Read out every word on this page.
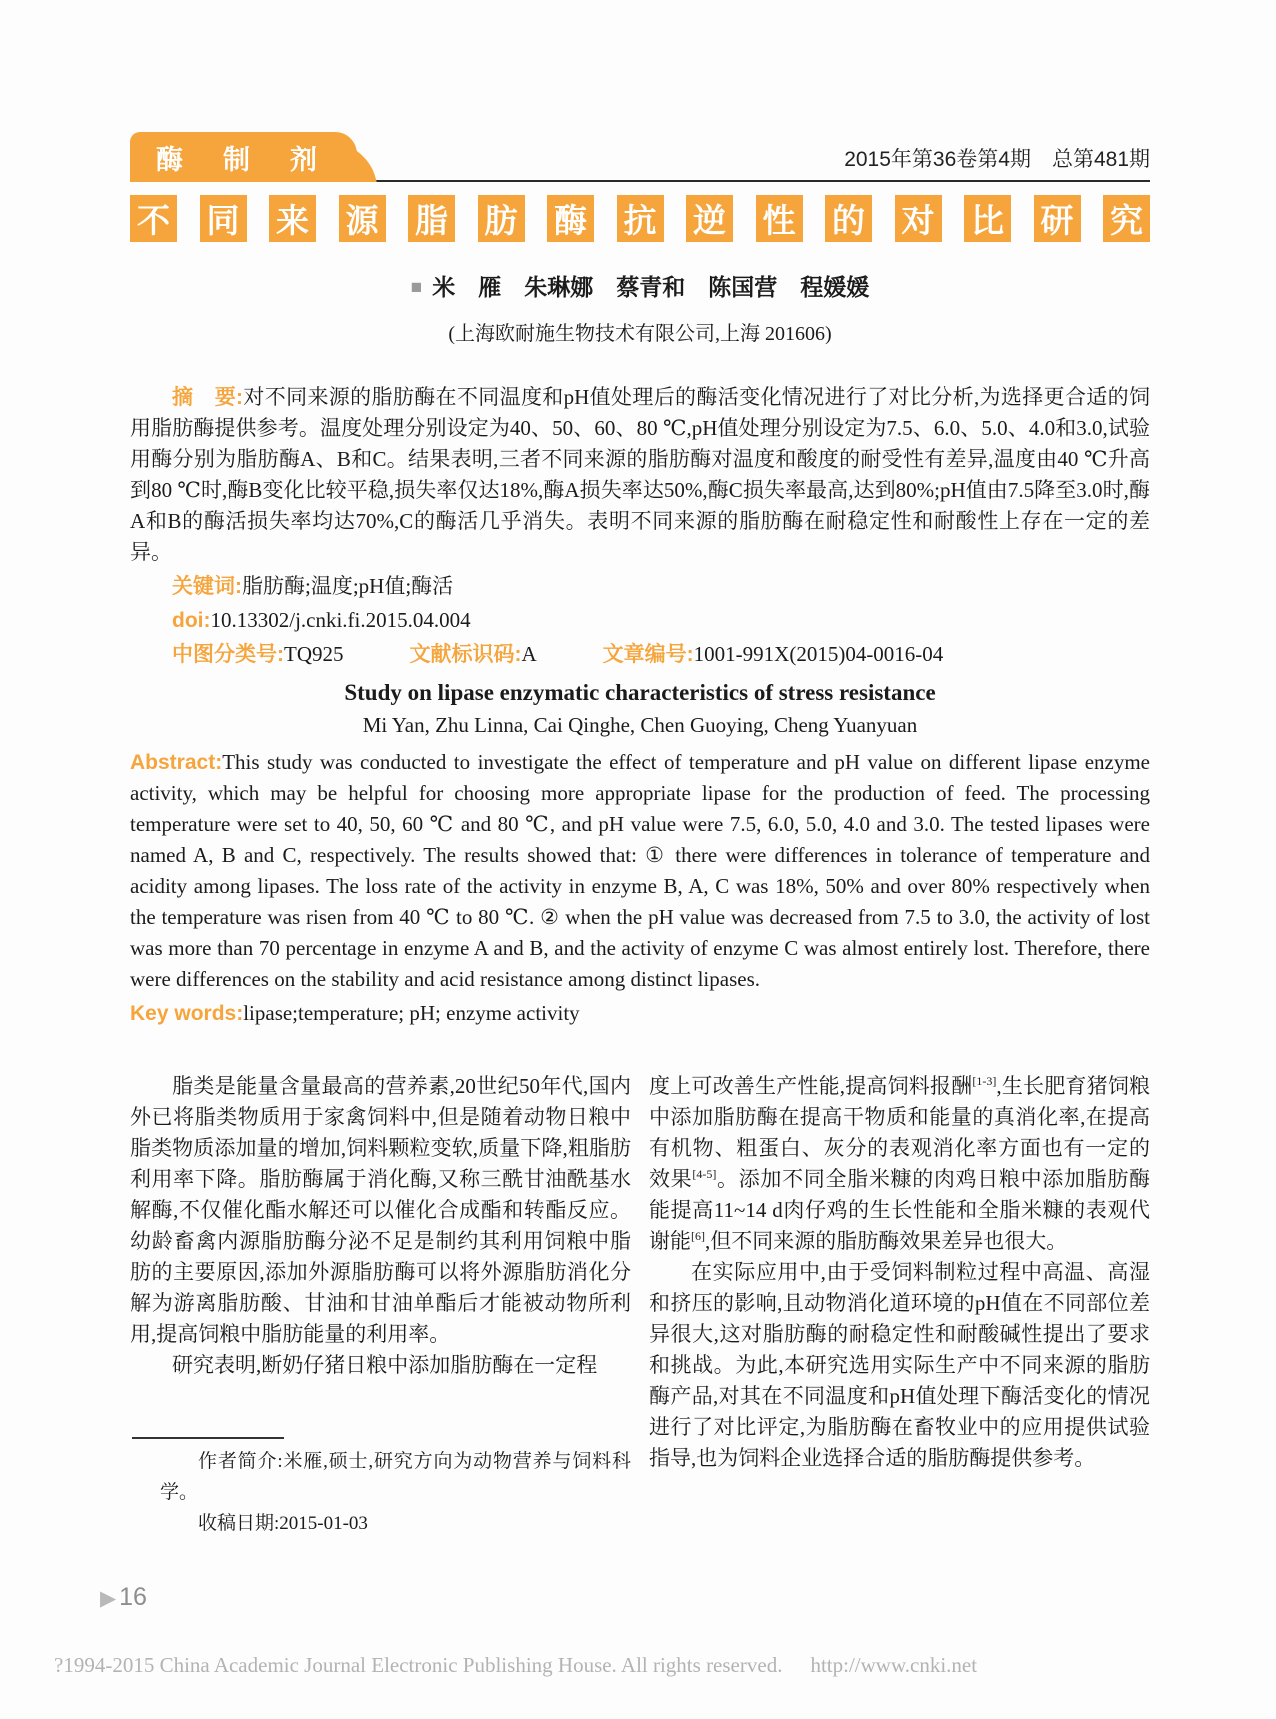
酶制剂	2015年第36卷第4期　总第481期
不 同 来 源 脂 肪 酶 抗 逆 性 的 对 比 研 究
■ 米　雁　朱琳娜　蔡青和　陈国营　程媛媛
(上海欧耐施生物技术有限公司,上海 201606)

摘　要:对不同来源的脂肪酶在不同温度和pH值处理后的酶活变化情况进行了对比分析,为选择更合适的饲用脂肪酶提供参考。温度处理分别设定为40、50、60、80 ℃,pH值处理分别设定为7.5、6.0、5.0、4.0和3.0,试验用酶分别为脂肪酶A、B和C。结果表明,三者不同来源的脂肪酶对温度和酸度的耐受性有差异,温度由40 ℃升高到80 ℃时,酶B变化比较平稳,损失率仅达18%,酶A损失率达50%,酶C损失率最高,达到80%;pH值由7.5降至3.0时,酶A和B的酶活损失率均达70%,C的酶活几乎消失。表明不同来源的脂肪酶在耐稳定性和耐酸性上存在一定的差异。

关键词:脂肪酶;温度;pH值;酶活

doi:10.13302/j.cnki.fi.2015.04.004

中图分类号:TQ925	文献标识码:A	文章编号:1001-991X(2015)04-0016-04

Study on lipase enzymatic characteristics of stress resistance

Mi Yan, Zhu Linna, Cai Qinghe, Chen Guoying, Cheng Yuanyuan

Abstract:This study was conducted to investigate the effect of temperature and pH value on different lipase enzyme activity, which may be helpful for choosing more appropriate lipase for the production of feed. The processing temperature were set to 40, 50, 60 ℃ and 80 ℃, and pH value were 7.5, 6.0, 5.0, 4.0 and 3.0. The tested lipases were named A, B and C, respectively. The results showed that: ① there were differences in tolerance of temperature and acidity among lipases. The loss rate of the activity in enzyme B, A, C was 18%, 50% and over 80% respectively when the temperature was risen from 40 ℃ to 80 ℃. ② when the pH value was decreased from 7.5 to 3.0, the activity of lost was more than 70 percentage in enzyme A and B, and the activity of enzyme C was almost entirely lost. Therefore, there were differences on the stability and acid resistance among distinct lipases.

Key words:lipase;temperature; pH; enzyme activity

脂类是能量含量最高的营养素,20世纪50年代,国内外已将脂类物质用于家禽饲料中,但是随着动物日粮中脂类物质添加量的增加,饲料颗粒变软,质量下降,粗脂肪利用率下降。脂肪酶属于消化酶,又称三酰甘油酰基水解酶,不仅催化酯水解还可以催化合成酯和转酯反应。幼龄畜禽内源脂肪酶分泌不足是制约其利用饲粮中脂肪的主要原因,添加外源脂肪酶可以将外源脂肪消化分解为游离脂肪酸、甘油和甘油单酯后才能被动物所利用,提高饲粮中脂肪能量的利用率。

研究表明,断奶仔猪日粮中添加脂肪酶在一定程

作者简介:米雁,硕士,研究方向为动物营养与饲料科学。

收稿日期:2015-01-03

度上可改善生产性能,提高饲料报酬[1-3],生长肥育猪饲粮中添加脂肪酶在提高干物质和能量的真消化率,在提高有机物、粗蛋白、灰分的表观消化率方面也有一定的效果[4-5]。添加不同全脂米糠的肉鸡日粮中添加脂肪酶能提高11~14 d肉仔鸡的生长性能和全脂米糠的表观代谢能[6],但不同来源的脂肪酶效果差异也很大。

在实际应用中,由于受饲料制粒过程中高温、高湿和挤压的影响,且动物消化道环境的pH值在不同部位差异很大,这对脂肪酶的耐稳定性和耐酸碱性提出了要求和挑战。为此,本研究选用实际生产中不同来源的脂肪酶产品,对其在不同温度和pH值处理下酶活变化的情况进行了对比评定,为脂肪酶在畜牧业中的应用提供试验指导,也为饲料企业选择合适的脂肪酶提供参考。

▶ 16
?1994-2015 China Academic Journal Electronic Publishing House. All rights reserved. http://www.cnki.net
